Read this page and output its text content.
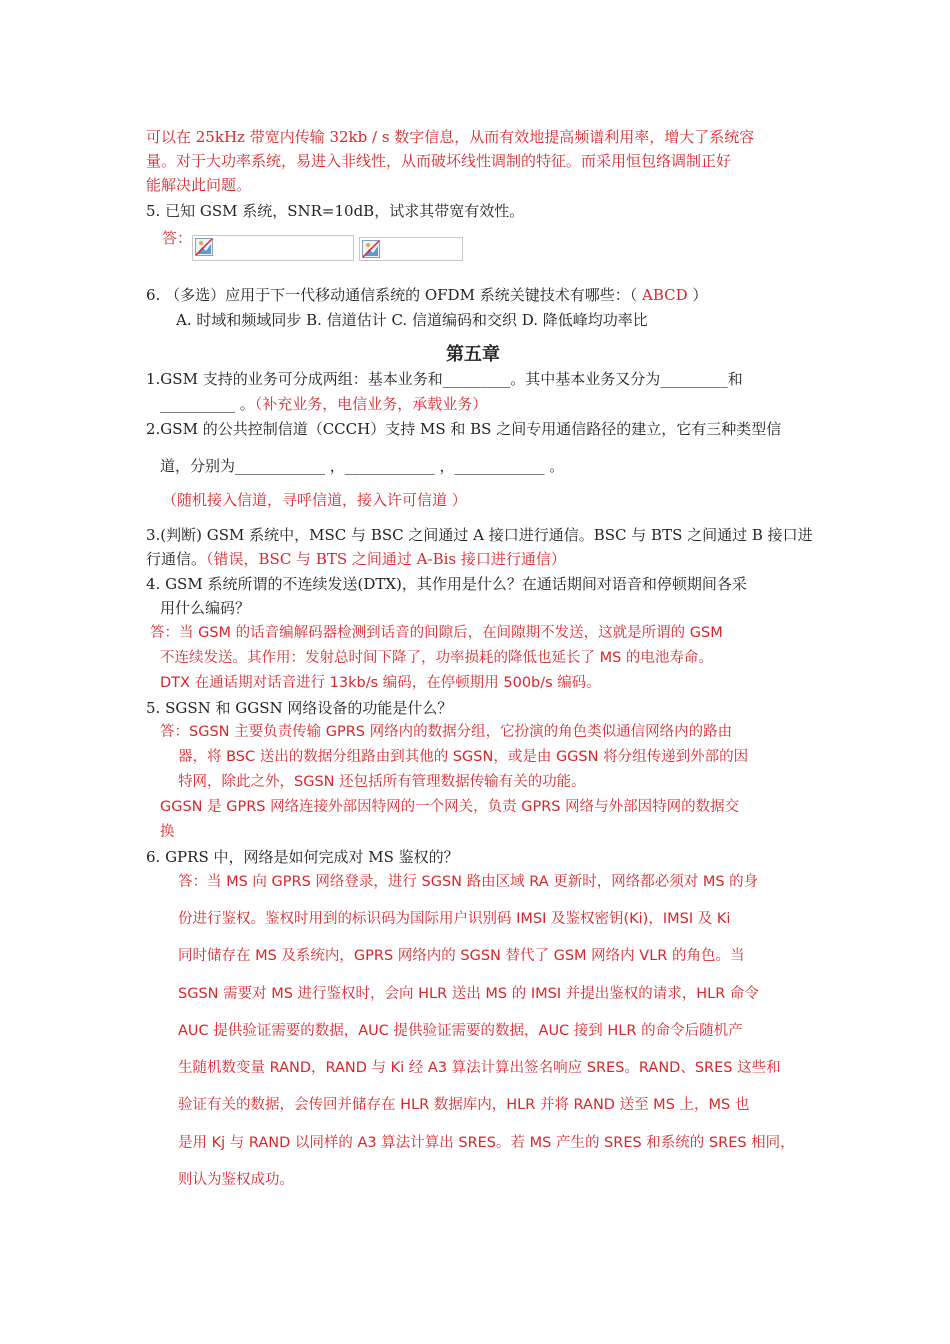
可以在 25kHz 带宽内传输 32kb / s 数字信息，从而有效地提高频谱利用率，增大了系统容
量。对于大功率系统，易进入非线性，从而破坏线性调制的特征。而采用恒包络调制正好
能解决此问题。
5. 已知 GSM 系统，SNR=10dB，试求其带宽有效性。
答：
6. （多选）应用于下一代移动通信系统的 OFDM 系统关键技术有哪些：（ ABCD ）
A. 时域和频域同步 B. 信道估计 C. 信道编码和交织 D. 降低峰均功率比
第五章
1.GSM 支持的业务可分成两组：基本业务和_________。其中基本业务又分为_________和
__________ 。（补充业务，电信业务，承载业务）
2.GSM 的公共控制信道（CCCH）支持 MS 和 BS 之间专用通信路径的建立，它有三种类型信
道，分别为____________ ，____________ ，____________ 。
（随机接入信道，寻呼信道，接入许可信道 ）
3.(判断) GSM 系统中，MSC 与 BSC 之间通过 A 接口进行通信。BSC 与 BTS 之间通过 B 接口进
行通信。（错误，BSC 与 BTS 之间通过 A-Bis 接口进行通信）
4. GSM 系统所谓的不连续发送(DTX)，其作用是什么？在通话期间对语音和停顿期间各采
用什么编码？
答：当 GSM 的话音编解码器检测到话音的间隙后，在间隙期不发送，这就是所谓的 GSM
不连续发送。其作用：发射总时间下降了，功率损耗的降低也延长了 MS 的电池寿命。
DTX 在通话期对话音进行 13kb/s 编码，在停顿期用 500b/s 编码。
5. SGSN 和 GGSN 网络设备的功能是什么？
答：SGSN 主要负责传输 GPRS 网络内的数据分组，它扮演的角色类似通信网络内的路由
器，将 BSC 送出的数据分组路由到其他的 SGSN，或是由 GGSN 将分组传递到外部的因
特网，除此之外，SGSN 还包括所有管理数据传输有关的功能。
GGSN 是 GPRS 网络连接外部因特网的一个网关，负责 GPRS 网络与外部因特网的数据交
换
6. GPRS 中，网络是如何完成对 MS 鉴权的？
答：当 MS 向 GPRS 网络登录，进行 SGSN 路由区域 RA 更新时，网络都必须对 MS 的身
份进行鉴权。鉴权时用到的标识码为国际用户识别码 IMSI 及鉴权密钥(Ki)，IMSI 及 Ki
同时储存在 MS 及系统内，GPRS 网络内的 SGSN 替代了 GSM 网络内 VLR 的角色。当
SGSN 需要对 MS 进行鉴权时，会向 HLR 送出 MS 的 IMSI 并提出鉴权的请求，HLR 命令
AUC 提供验证需要的数据，AUC 提供验证需要的数据，AUC 接到 HLR 的命令后随机产
生随机数变量 RAND，RAND 与 Ki 经 A3 算法计算出签名响应 SRES。RAND、SRES 这些和
验证有关的数据，会传回并储存在 HLR 数据库内，HLR 并将 RAND 送至 MS 上，MS 也
是用 Kj 与 RAND 以同样的 A3 算法计算出 SRES。若 MS 产生的 SRES 和系统的 SRES 相同，
则认为鉴权成功。
